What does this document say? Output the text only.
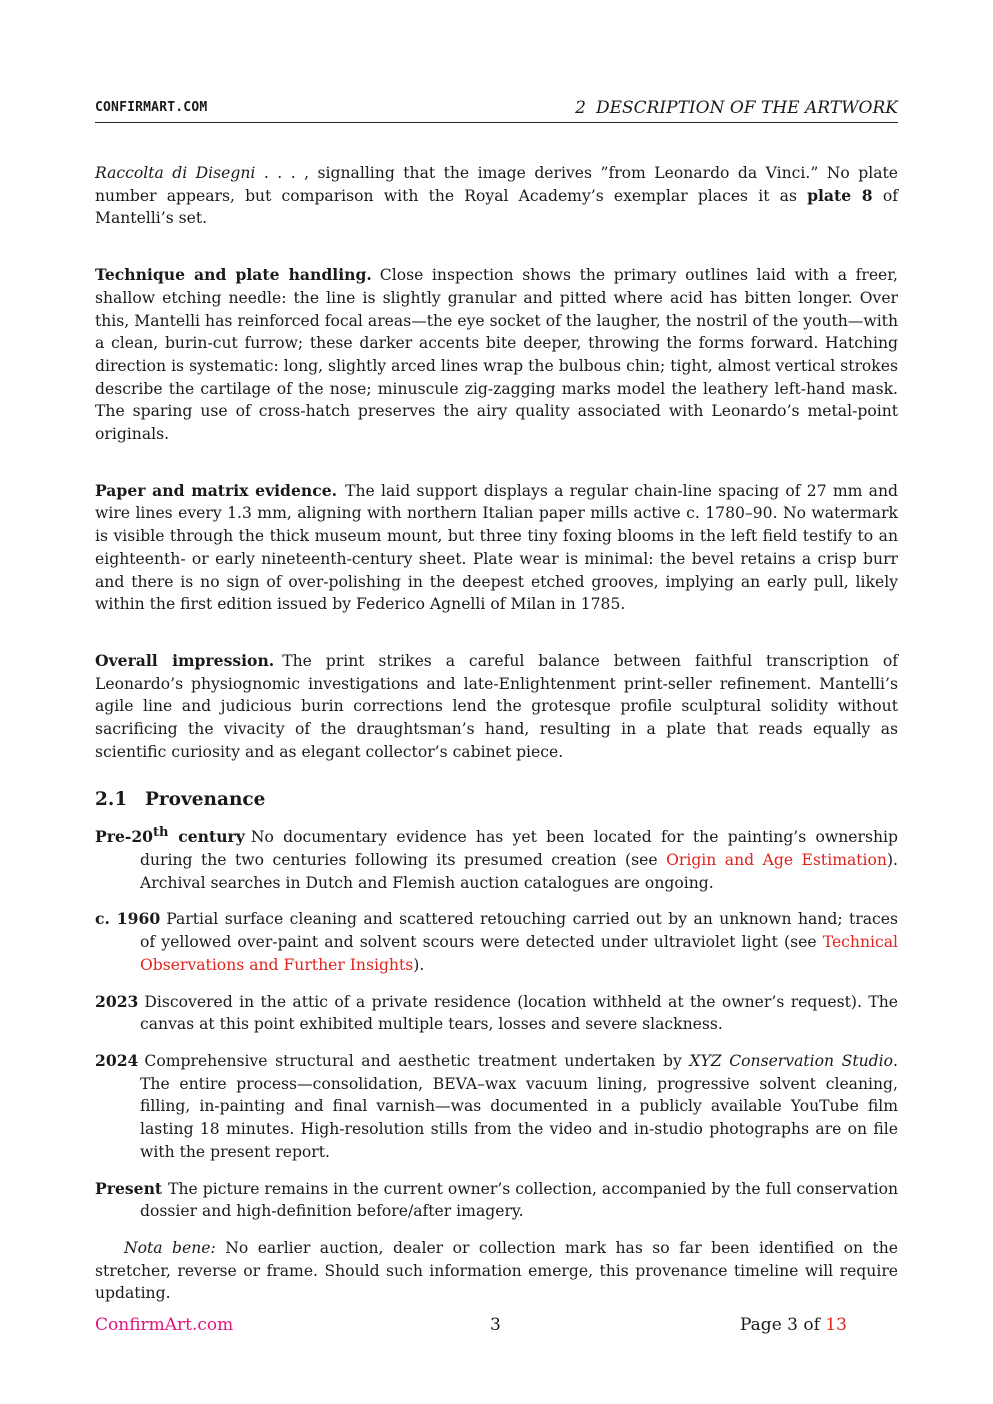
CONFIRMART.COM	2 DESCRIPTION OF THE ARTWORK

Raccolta di Disegni . . . , signalling that the image derives ”from Leonardo da Vinci.” No plate number appears, but comparison with the Royal Academy’s exemplar places it as plate 8 of Mantelli’s set.

Technique and plate handling. Close inspection shows the primary outlines laid with a freer, shallow etching needle: the line is slightly granular and pitted where acid has bitten longer. Over this, Mantelli has reinforced focal areas—the eye socket of the laugher, the nostril of the youth—with a clean, burin-cut furrow; these darker accents bite deeper, throwing the forms forward. Hatching direction is systematic: long, slightly arced lines wrap the bulbous chin; tight, almost vertical strokes describe the cartilage of the nose; minuscule zig-zagging marks model the leathery left-hand mask. The sparing use of cross-hatch preserves the airy quality associated with Leonardo’s metal-point originals.

Paper and matrix evidence. The laid support displays a regular chain-line spacing of 27 mm and wire lines every 1.3 mm, aligning with northern Italian paper mills active c. 1780–90. No watermark is visible through the thick museum mount, but three tiny foxing blooms in the left field testify to an eighteenth- or early nineteenth-century sheet. Plate wear is minimal: the bevel retains a crisp burr and there is no sign of over-polishing in the deepest etched grooves, implying an early pull, likely within the first edition issued by Federico Agnelli of Milan in 1785.

Overall impression. The print strikes a careful balance between faithful transcription of Leonardo’s physiognomic investigations and late-Enlightenment print-seller refinement. Mantelli’s agile line and judicious burin corrections lend the grotesque profile sculptural solidity without sacrificing the vivacity of the draughtsman’s hand, resulting in a plate that reads equally as scientific curiosity and as elegant collector’s cabinet piece.

2.1 Provenance
Pre-20th century No documentary evidence has yet been located for the painting’s ownership during the two centuries following its presumed creation (see Origin and Age Estimation). Archival searches in Dutch and Flemish auction catalogues are ongoing.
c. 1960 Partial surface cleaning and scattered retouching carried out by an unknown hand; traces of yellowed over-paint and solvent scours were detected under ultraviolet light (see Technical Observations and Further Insights).
2023 Discovered in the attic of a private residence (location withheld at the owner’s request). The canvas at this point exhibited multiple tears, losses and severe slackness.
2024 Comprehensive structural and aesthetic treatment undertaken by XYZ Conservation Studio. The entire process—consolidation, BEVA–wax vacuum lining, progressive solvent cleaning, filling, in-painting and final varnish—was documented in a publicly available YouTube film lasting 18 minutes. High-resolution stills from the video and in-studio photographs are on file with the present report.
Present The picture remains in the current owner’s collection, accompanied by the full conservation dossier and high-definition before/after imagery.

Nota bene: No earlier auction, dealer or collection mark has so far been identified on the stretcher, reverse or frame. Should such information emerge, this provenance timeline will require updating.

ConfirmArt.com	3	Page 3 of 13
